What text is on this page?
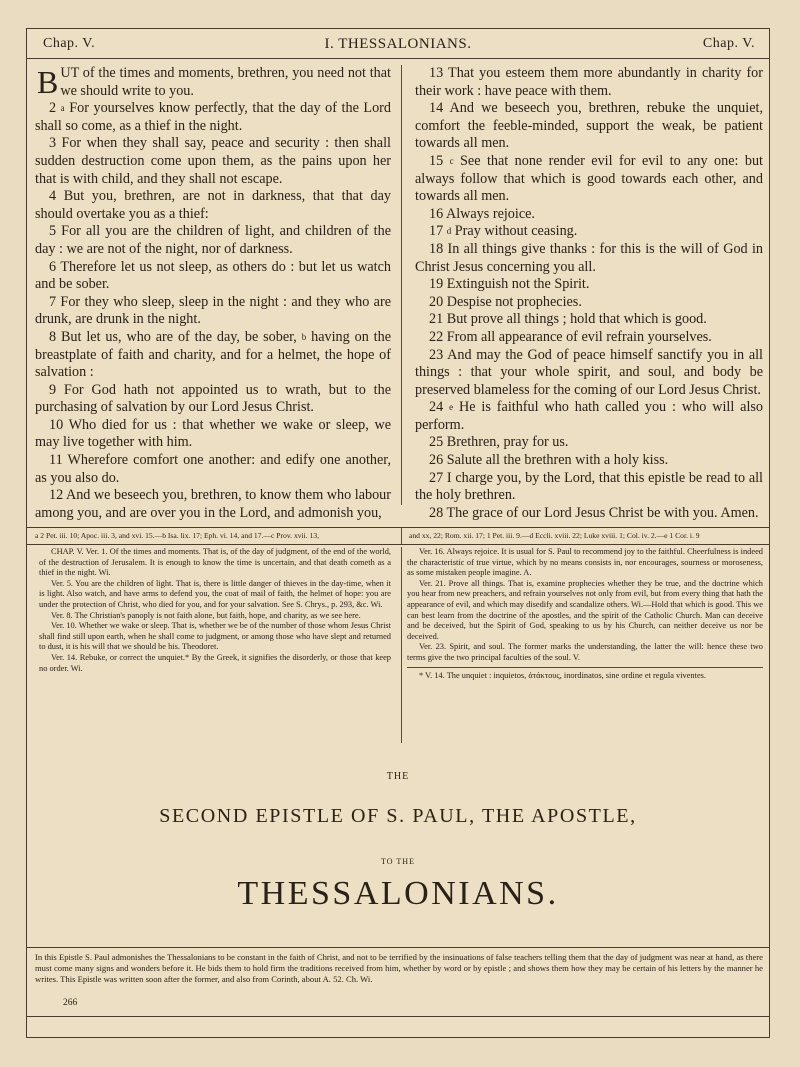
I. THESSALONIANS.
Chap. V.	Chap. V.

BUT of the times and moments, brethren, you need not that we should write to you.

2 $^a$ For yourselves know perfectly, that the day of the Lord shall so come, as a thief in the night.

3 For when they shall say, peace and security : then shall sudden destruction come upon them, as the pains upon her that is with child, and they shall not escape.

4 But you, brethren, are not in darkness, that that day should overtake you as a thief:

5 For all you are the children of light, and children of the day : we are not of the night, nor of darkness.

6 Therefore let us not sleep, as others do : but let us watch and be sober.

7 For they who sleep, sleep in the night : and they who are drunk, are drunk in the night.

8 But let us, who are of the day, be sober, $^b$ having on the breastplate of faith and charity, and for a helmet, the hope of salvation :

9 For God hath not appointed us to wrath, but to the purchasing of salvation by our Lord Jesus Christ.

10 Who died for us : that whether we wake or sleep, we may live together with him.

11 Wherefore comfort one another: and edify one another, as you also do.

12 And we beseech you, brethren, to know them who labour among you, and are over you in the Lord, and admonish you,

13 That you esteem them more abundantly in charity for their work : have peace with them.

14 And we beseech you, brethren, rebuke the unquiet, comfort the feeble-minded, support the weak, be patient towards all men.

15 $^c$ See that none render evil for evil to any one: but always follow that which is good towards each other, and towards all men.

16 Always rejoice.

17 $^d$ Pray without ceasing.

18 In all things give thanks : for this is the will of God in Christ Jesus concerning you all.

19 Extinguish not the Spirit.

20 Despise not prophecies.

21 But prove all things ; hold that which is good.

22 From all appearance of evil refrain yourselves.

23 And may the God of peace himself sanctify you in all things : that your whole spirit, and soul, and body be preserved blameless for the coming of our Lord Jesus Christ.

24 $^e$ He is faithful who hath called you : who will also perform.

25 Brethren, pray for us.

26 Salute all the brethren with a holy kiss.

27 I charge you, by the Lord, that this epistle be read to all the holy brethren.

28 The grace of our Lord Jesus Christ be with you. Amen.

a 2 Pet. iii. 10; Apoc. iii. 3, and xvi. 15.—b Isa. lix. 17; Eph. vi. 14, and 17.—c Prov. xvii. 13,	and xx, 22; Rom. xii. 17; 1 Pet. iii. 9.—d Eccli. xviii. 22; Luke xviii. 1; Col. iv. 2.—e 1 Cor. i. 9

CHAP. V. Ver. 1. Of the times and moments. That is, of the day of judgment, of the end of the world, of the destruction of Jerusalem. It is enough to know the time is uncertain, and that death cometh as a thief in the night. Wi.

Ver. 5. You are the children of light. That is, there is little danger of thieves in the day-time, when it is light. Also watch, and have arms to defend you, the coat of mail of faith, the helmet of hope: you are under the protection of Christ, who died for you, and for your salvation. See S. Chrys., p. 293, &c. Wi.

Ver. 8. The Christian's panoply is not faith alone, but faith, hope, and charity, as we see here.

Ver. 10. Whether we wake or sleep. That is, whether we be of the number of those whom Jesus Christ shall find still upon earth, when he shall come to judgment, or among those who have slept and returned to dust, it is his will that we should be his. Theodoret.

Ver. 14. Rebuke, or correct the unquiet.* By the Greek, it signifies the disorderly, or those that keep no order. Wi.

Ver. 16. Always rejoice. It is usual for S. Paul to recommend joy to the faithful. Cheerfulness is indeed the characteristic of true virtue, which by no means consists in, nor encourages, sourness or moroseness, as some mistaken people imagine. A.

Ver. 21. Prove all things. That is, examine prophecies whether they be true, and the doctrine which you hear from new preachers, and refrain yourselves not only from evil, but from every thing that hath the appearance of evil, and which may disedify and scandalize others. Wi.—Hold that which is good. This we can best learn from the doctrine of the apostles, and the spirit of the Catholic Church. Man can deceive and be deceived, but the Spirit of God, speaking to us by his Church, can neither deceive us nor be deceived.

Ver. 23. Spirit, and soul. The former marks the understanding, the latter the will: hence these two terms give the two principal faculties of the soul. V.

* V. 14. The unquiet : inquietos, ἀτάκτους, inordinatos, sine ordine et regula viventes.

THE
SECOND EPISTLE OF S. PAUL, THE APOSTLE,
TO THE
THESSALONIANS.
In this Epistle S. Paul admonishes the Thessalonians to be constant in the faith of Christ, and not to be terrified by the insinuations of false teachers telling them that the day of judgment was near at hand, as there must come many signs and wonders before it. He bids them to hold firm the traditions received from him, whether by word or by epistle ; and shows them how they may be certain of his letters by the manner he writes. This Epistle was written soon after the former, and also from Corinth, about A. 52. Ch. Wi.
266
